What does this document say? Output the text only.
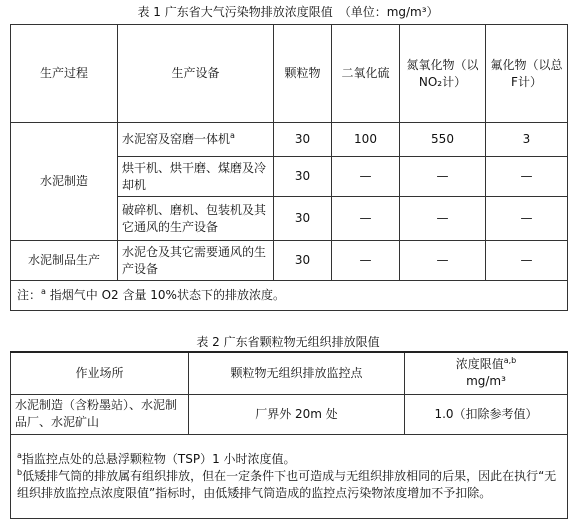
表 1 广东省大气污染物排放浓度限值　（单位：mg/m³）
生产过程	生产设备	颗粒物	二氧化硫	氮氧化物（以NO₂计）	氟化物（以总F计）
水泥制造	水泥窑及窑磨一体机$^a$	30	100	550	3
	烘干机、烘干磨、煤磨及冷却机	30	—	—	—
	破碎机、磨机、包装机及其它通风的生产设备	30	—	—	—
水泥制品生产	水泥仓及其它需要通风的生产设备	30	—	—	—
注：$^a$ 指烟气中 O2 含量 10%状态下的排放浓度。					
表 2 广东省颗粒物无组织排放限值
作业场所	颗粒物无组织排放监控点	浓度限值$^{a,b}$
mg/m³
水泥制造（含粉墨站）、水泥制品厂、水泥矿山	厂界外 20m 处	1.0（扣除参考值）

$^a$指监控点处的总悬浮颗粒物（TSP）1 小时浓度值。
$^b$低矮排气筒的排放属有组织排放，但在一定条件下也可造成与无组织排放相同的后果，因此在执行“无组织排放监控点浓度限值”指标时，由低矮排气筒造成的监控点污染物浓度增加不予扣除。		
